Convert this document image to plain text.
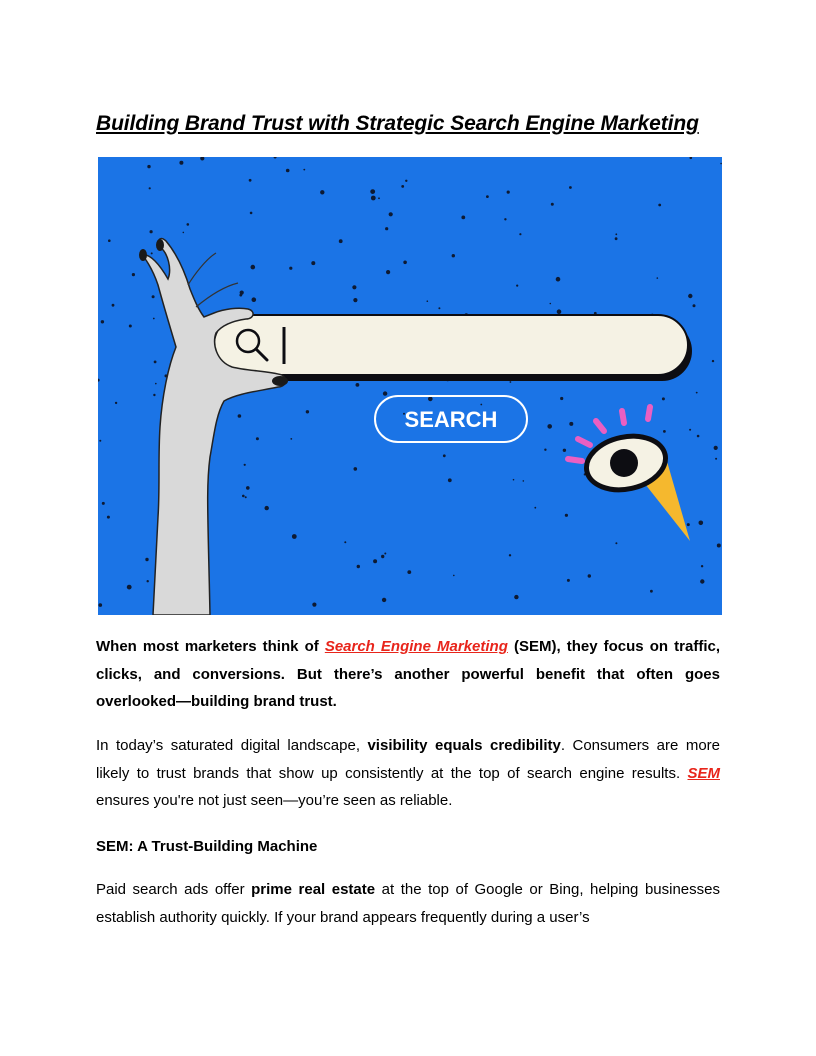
Building Brand Trust with Strategic Search Engine Marketing
SEARCH

When most marketers think of Search Engine Marketing (SEM), they focus on traffic, clicks, and conversions. But there’s another powerful benefit that often goes overlooked—building brand trust.

In today’s saturated digital landscape, visibility equals credibility. Consumers are more likely to trust brands that show up consistently at the top of search engine results. SEM ensures you're not just seen—you’re seen as reliable.

SEM: A Trust-Building Machine

Paid search ads offer prime real estate at the top of Google or Bing, helping businesses establish authority quickly. If your brand appears frequently during a user’s
